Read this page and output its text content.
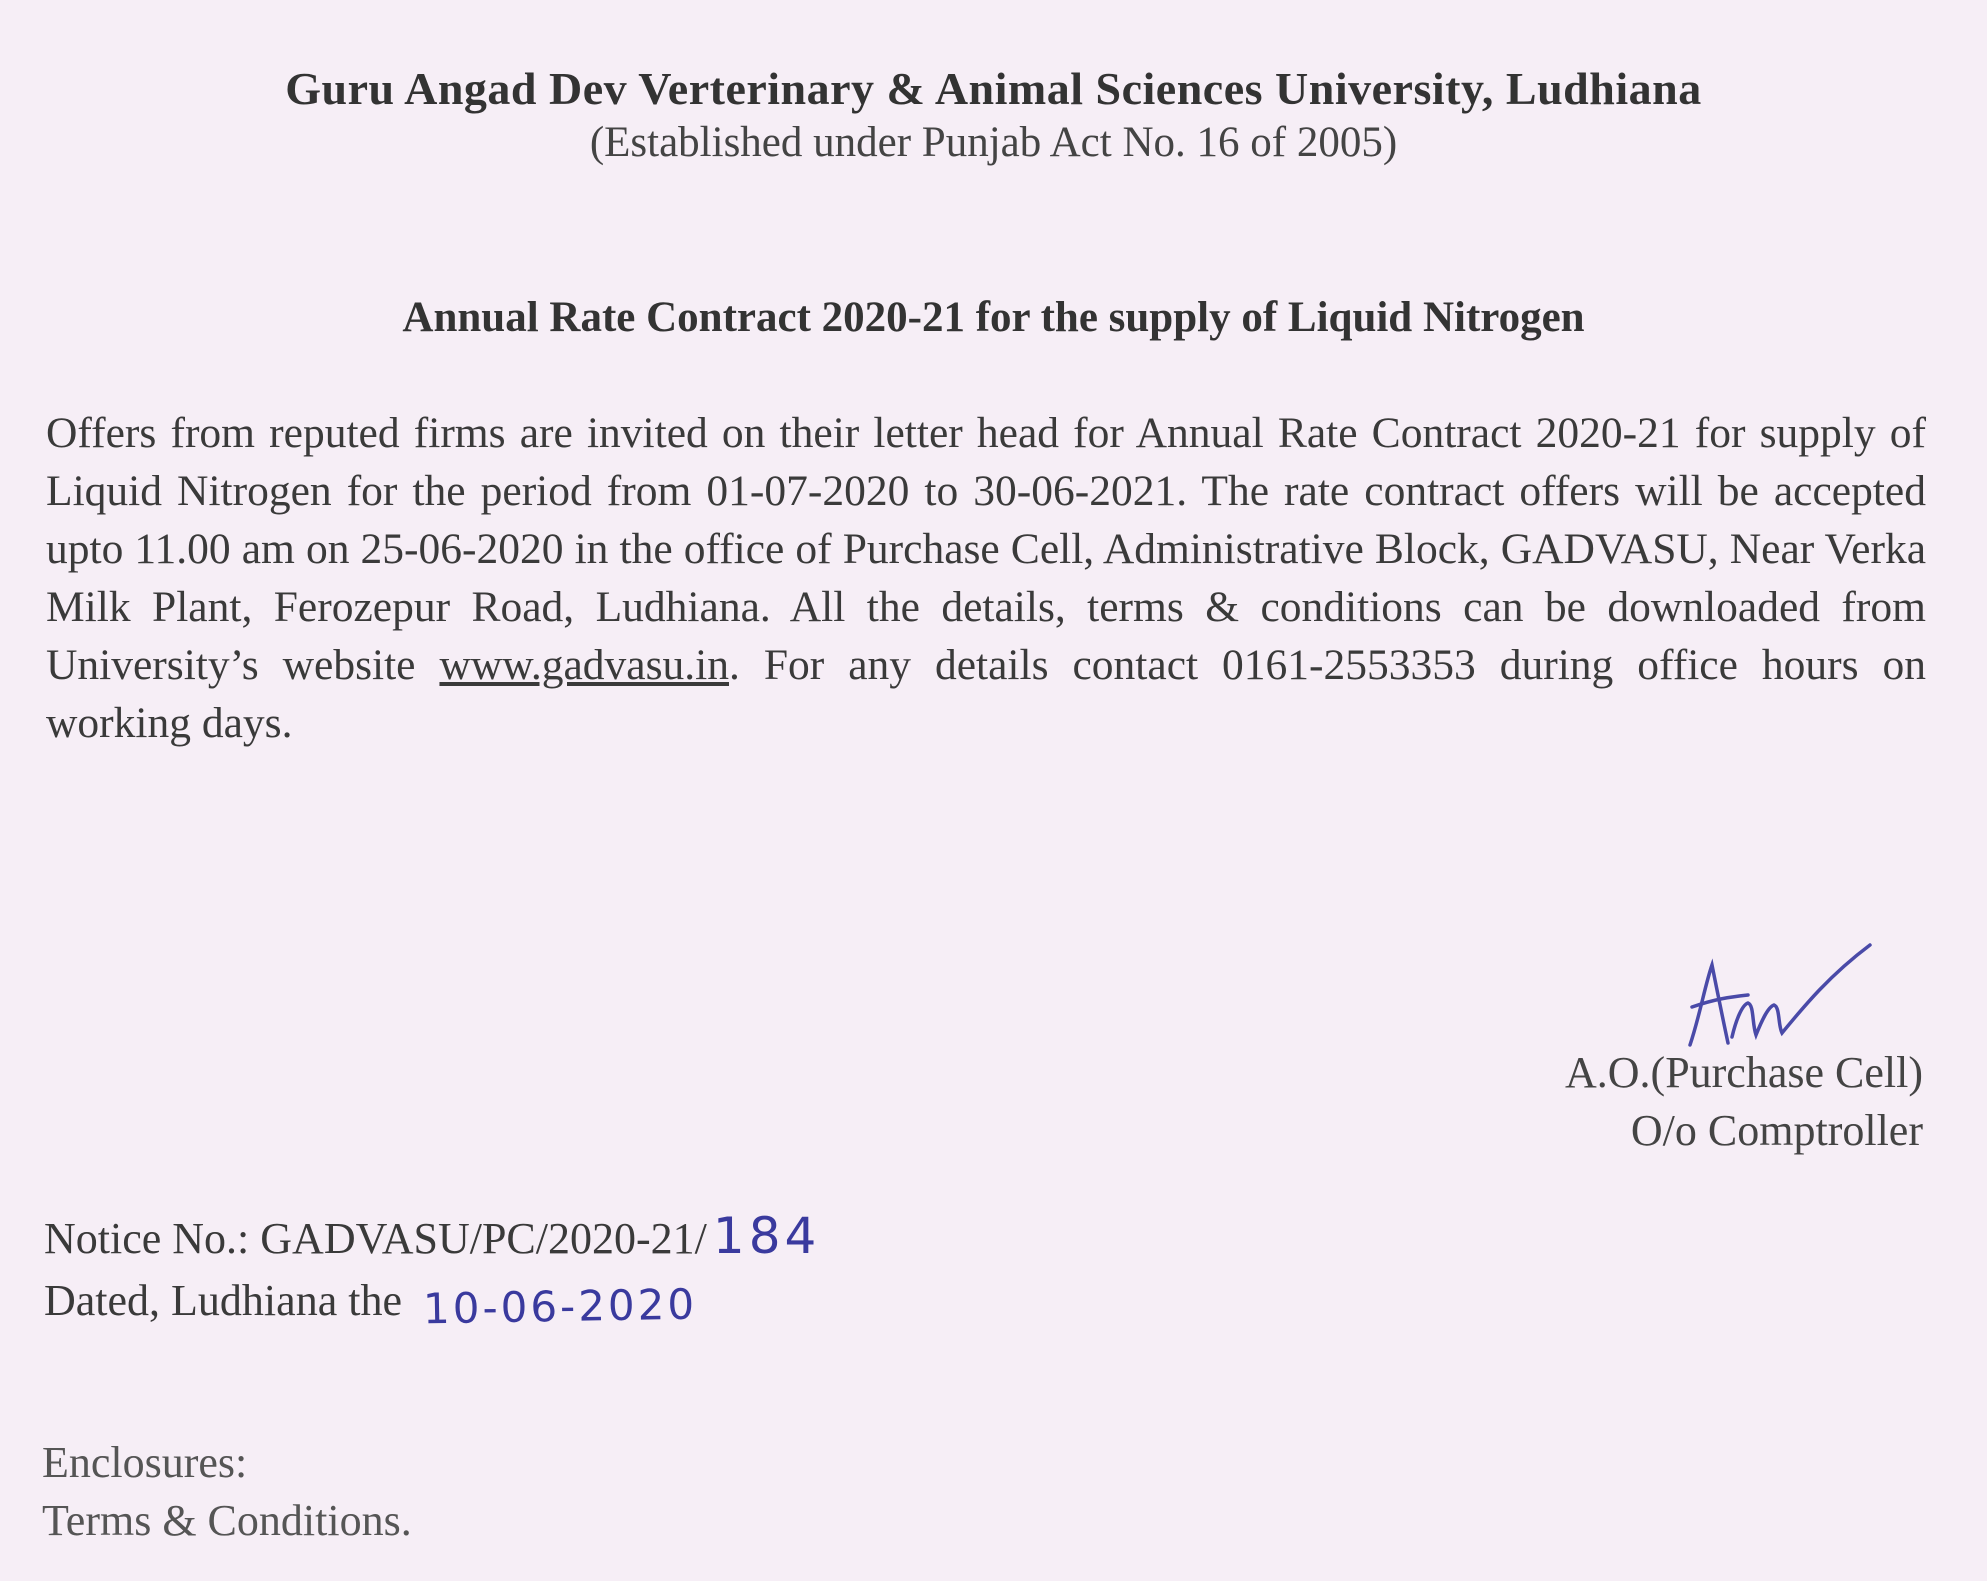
Guru Angad Dev Verterinary & Animal Sciences University, Ludhiana
(Established under Punjab Act No. 16 of 2005)
Annual Rate Contract 2020-21 for the supply of Liquid Nitrogen
Offers from reputed firms are invited on their letter head for Annual Rate Contract 2020-21 for supply of Liquid Nitrogen for the period from 01-07-2020 to 30-06-2021. The rate contract offers will be accepted upto 11.00 am on 25-06-2020 in the office of Purchase Cell, Administrative Block, GADVASU, Near Verka Milk Plant, Ferozepur Road, Ludhiana. All the details, terms & conditions can be downloaded from University’s website www.gadvasu.in. For any details contact 0161-2553353 during office hours on working days.
A.O.(Purchase Cell)
O/o Comptroller
Notice No.: GADVASU/PC/2020-21/ 184
Dated, Ludhiana the 10-06-2020
Enclosures:
Terms & Conditions.
